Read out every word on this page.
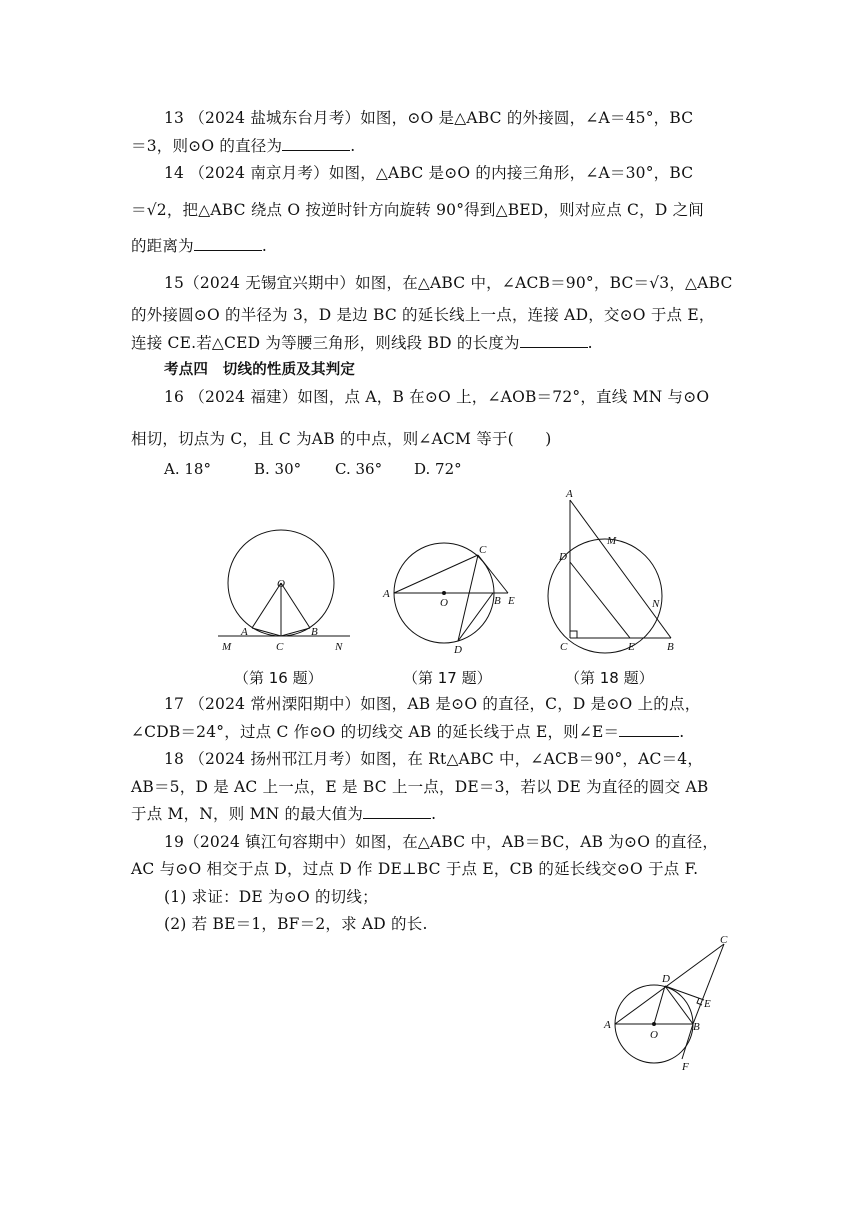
13 （2024 盐城东台月考）如图，⊙O 是△ABC 的外接圆，∠A＝45°，BC
＝3，则⊙O 的直径为	.
14 （2024 南京月考）如图，△ABC 是⊙O 的内接三角形，∠A＝30°，BC
＝√2，把△ABC 绕点 O 按逆时针方向旋转 90°得到△BED，则对应点 C，D 之间
的距离为	.
15（2024 无锡宜兴期中）如图，在△ABC 中，∠ACB＝90°，BC＝√3，△ABC
的外接圆⊙O 的半径为 3，D 是边 BC 的延长线上一点，连接 AD，交⊙O 于点 E，
连接 CE.若△CED 为等腰三角形，则线段 BD 的长度为	.
考点四　切线的性质及其判定
16 （2024 福建）如图，点 A，B 在⊙O 上，∠AOB＝72°，直线 MN 与⊙O
相切，切点为 C，且 C 为AB 的中点，则∠ACM 等于(　　)
A. 18°	B. 30° C. 36° D. 72°
O
A	B
M	C	N
C
A
O	B E
D
A
M
D
N
C	E	B
（第 16 题）	（第 17 题）	（第 18 题）
17 （2024 常州溧阳期中）如图，AB 是⊙O 的直径，C，D 是⊙O 上的点，
∠CDB＝24°，过点 C 作⊙O 的切线交 AB 的延长线于点 E，则∠E＝	.
18 （2024 扬州邗江月考）如图，在 Rt△ABC 中，∠ACB＝90°，AC＝4，
AB＝5，D 是 AC 上一点，E 是 BC 上一点，DE＝3，若以 DE 为直径的圆交 AB
于点 M，N，则 MN 的最大值为	.
19（2024 镇江句容期中）如图，在△ABC 中，AB＝BC，AB 为⊙O 的直径，
AC 与⊙O 相交于点 D，过点 D 作 DE⊥BC 于点 E，CB 的延长线交⊙O 于点 F.
(1) 求证：DE 为⊙O 的切线；
(2) 若 BE＝1，BF＝2，求 AD 的长.
C
D
E
A
O
B
F
